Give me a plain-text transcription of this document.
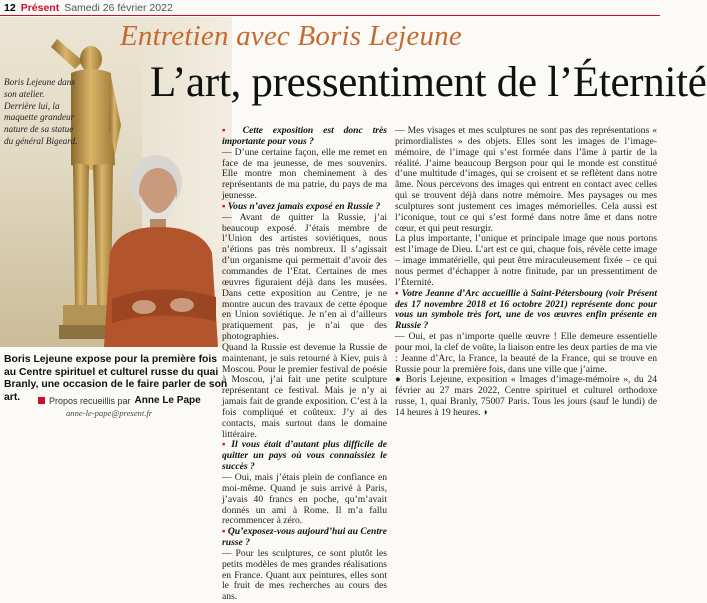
12 Présent Samedi 26 février 2022
Boris Lejeune dans son atelier. Derrière lui, la maquette grandeur nature de sa statue du général Bigeard.
Boris Lejeune expose pour la première fois au Centre spirituel et culturel russe du quai Branly, une occasion de le faire parler de son art.	Propos recueillis par Anne Le Pape
anne-le-pape@present.fr
Entretien avec Boris Lejeune
L’art, pressentiment de l’Éternité

▪ Cette exposition est donc très importante pour vous ?

— D’une certaine façon, elle me remet en face de ma jeunesse, de mes souvenirs. Elle montre mon cheminement à des représentants de ma patrie, du pays de ma jeunesse.

▪ Vous n’avez jamais exposé en Russie ?

— Avant de quitter la Russie, j’ai beaucoup exposé. J’étais membre de l’Union des artistes soviétiques, nous n’étions pas très nombreux. Il s’agissait d’un organisme qui permettait d’avoir des commandes de l’Etat. Certaines de mes œuvres figuraient déjà dans les musées. Dans cette exposition au Centre, je ne montre aucun des travaux de cette époque en Union soviétique. Je n’en ai d’ailleurs pratiquement pas, je n’ai que des photographies.

Quand la Russie est devenue la Russie de maintenant, je suis retourné à Kiev, puis à Moscou. Pour le premier festival de poésie à Moscou, j’ai fait une petite sculpture représentant ce festival. Mais je n’y ai jamais fait de grande exposition. C’est à la fois compliqué et coûteux. J’y ai des contacts, mais surtout dans le domaine littéraire.

▪ Il vous était d’autant plus difficile de quitter un pays où vous connaissiez le succès ?

— Oui, mais j’étais plein de confiance en moi-même. Quand je suis arrivé à Paris, j’avais 40 francs en poche, qu’m’avait donnés un ami à Rome. Il m’a fallu recommencer à zéro.

▪ Qu’exposez-vous aujourd’hui au Centre russe ?

— Pour les sculptures, ce sont plutôt les petits modèles de mes grandes réalisations en France. Quant aux peintures, elles sont le fruit de mes recherches au cours des ans.

— Mes visages et mes sculptures ne sont pas des représentations « primordialistes » des objets. Elles sont les images de l’image-mémoire, de l’image qui s’est formée dans l’âme à partir de la réalité. J’aime beaucoup Bergson pour qui le monde est constitué d’une multitude d’images, qui se croisent et se reflètent dans notre âme. Nous percevons des images qui entrent en contact avec celles qui se trouvent déjà dans notre mémoire. Mes paysages ou mes sculptures sont justement ces images mémorielles. Cela aussi est l’iconique, tout ce qui s’est formé dans notre âme et dans notre cœur, et qui peut resurgir.

La plus importante, l’unique et principale image que nous portons est l’image de Dieu. L’art est ce qui, chaque fois, révèle cette image – image immatérielle, qui peut être miraculeusement fixée – ce qui nous permet d’échapper à notre finitude, par un pressentiment de l’Éternité.

▪ Votre Jeanne d’Arc accueillie à Saint-Pétersbourg (voir Présent des 17 novembre 2018 et 16 octobre 2021) représente donc pour vous un symbole très fort, une de vos œuvres enfin présente en Russie ?

— Oui, et pas n’importe quelle œuvre ! Elle demeure essentielle pour moi, la clef de voûte, la liaison entre les deux parties de ma vie : Jeanne d’Arc, la France, la beauté de la France, qui se trouve en Russie pour la première fois, dans une ville que j’aime.

● Boris Lejeune, exposition « Images d’image-mémoire », du 24 février au 27 mars 2022, Centre spirituel et culturel orthodoxe russe, 1, quai Branly, 75007 Paris. Tous les jours (sauf le lundi) de 14 heures à 19 heures. ◗
